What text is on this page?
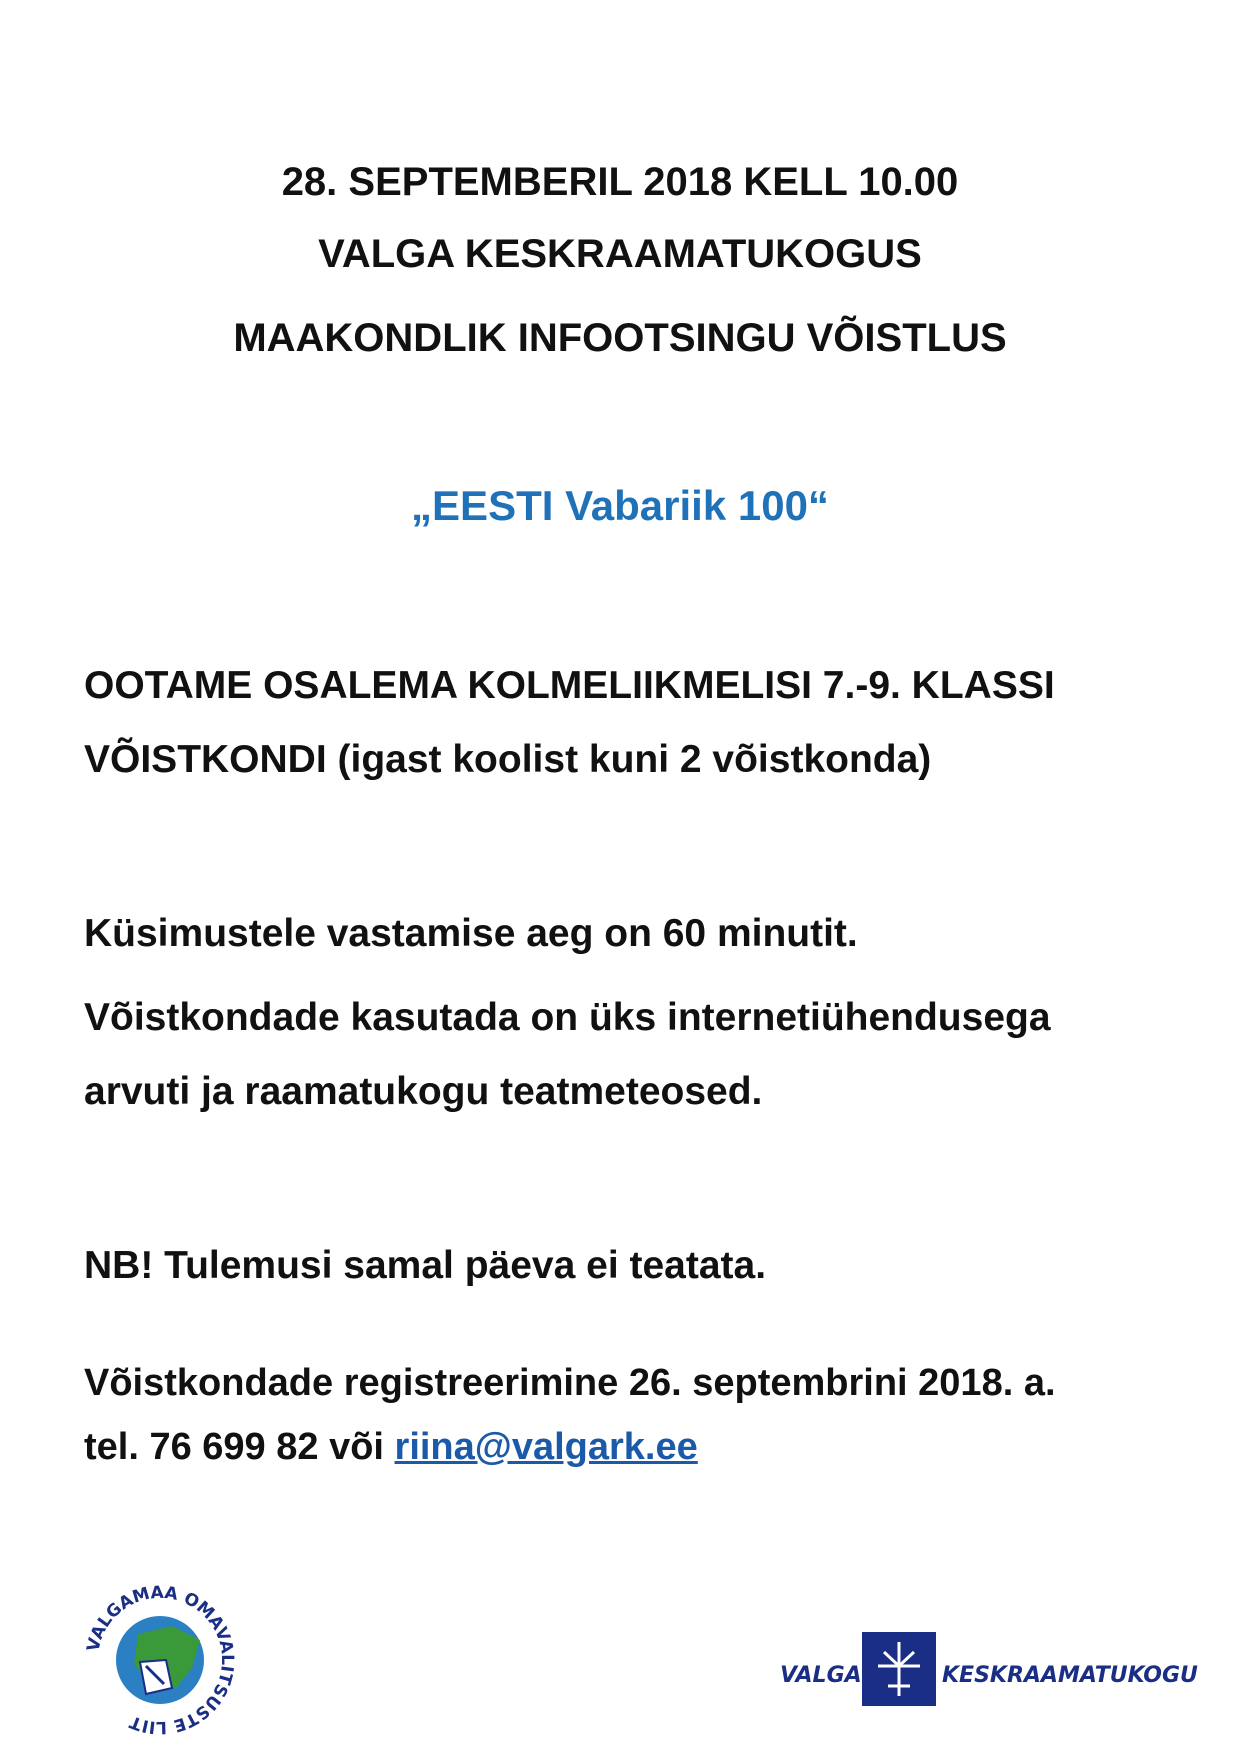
28. SEPTEMBERIL 2018 KELL 10.00
VALGA KESKRAAMATUKOGUS
MAAKONDLIK INFOOTSINGU VÕISTLUS
„EESTI Vabariik 100“

OOTAME OSALEMA KOLMELIIKMELISI 7.-9. KLASSI

VÕISTKONDI (igast koolist kuni 2 võistkonda)

Küsimustele vastamise aeg on 60 minutit.

Võistkondade kasutada on üks internetiühendusega

arvuti ja raamatukogu teatmeteosed.

NB! Tulemusi samal päeva ei teatata.

Võistkondade registreerimine 26. septembrini 2018. a.

tel. 76 699 82 või riina@valgark.ee

VALGAMAA OMAVALITSUSTE LIIT
VALGA	KESKRAAMATUKOGU
